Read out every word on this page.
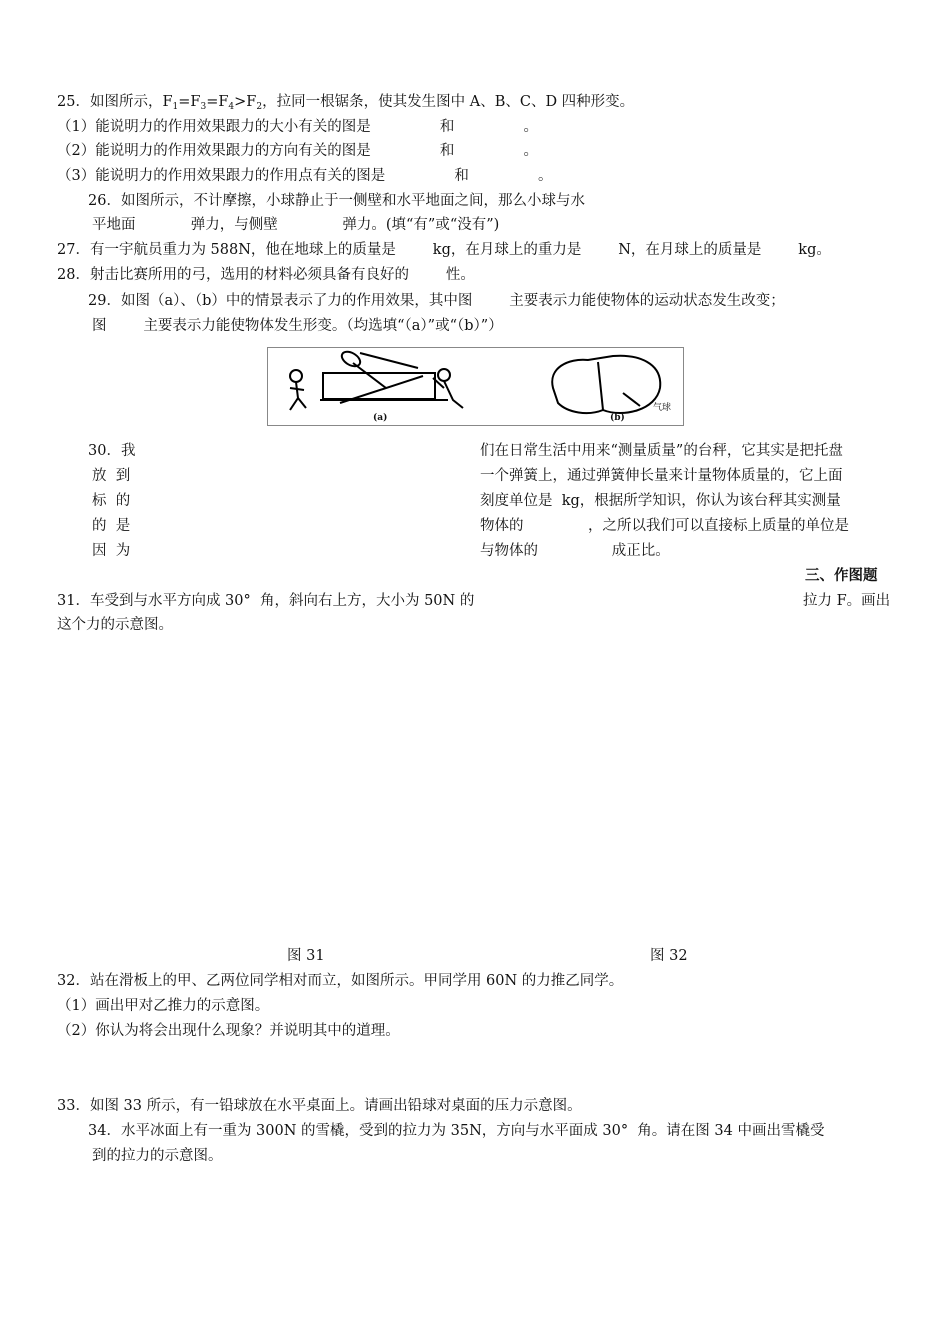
25．如图所示，$F_1=F_3=F_4>F_2$，拉同一根锯条，使其发生图中 A、B、C、D 四种形变。
（1）能说明力的作用效果跟力的大小有关的图是               和               。
（2）能说明力的作用效果跟力的方向有关的图是               和               。
（3）能说明力的作用效果跟力的作用点有关的图是               和               。
26．如图所示，不计摩擦，小球静止于一侧壁和水平地面之间，那么小球与水
平地面            弹力，与侧壁              弹力。(填“有”或“没有”)
27．有一宇航员重力为 588N，他在地球上的质量是        kg，在月球上的重力是        N，在月球上的质量是        kg。
28．射击比赛所用的弓，选用的材料必须具备有良好的        性。
29．如图（a）、（b）中的情景表示了力的作用效果，其中图        主要表示力能使物体的运动状态发生改变；
图        主要表示力能使物体发生形变。（均选填“（a）”或“（b）”）
(a)	(b)
气球
30．我
放  到
标  的
的  是
因  为
们在日常生活中用来“测量质量”的台秤，它其实是把托盘
一个弹簧上，通过弹簧伸长量来计量物体质量的，它上面
刻度单位是  kg，根据所学知识，你认为该台秤其实测量
物体的              ，之所以我们可以直接标上质量的单位是
与物体的                成正比。
三、作图题
31．车受到与水平方向成 30°  角，斜向右上方，大小为 50N 的	拉力 F。画出
这个力的示意图。
图 31	图 32
32．站在滑板上的甲、乙两位同学相对而立，如图所示。甲同学用 60N 的力推乙同学。
（1）画出甲对乙推力的示意图。
（2）你认为将会出现什么现象？并说明其中的道理。
33．如图 33 所示，有一铅球放在水平桌面上。请画出铅球对桌面的压力示意图。
34．水平冰面上有一重为 300N 的雪橇，受到的拉力为 35N，方向与水平面成 30°  角。请在图 34 中画出雪橇受
到的拉力的示意图。
